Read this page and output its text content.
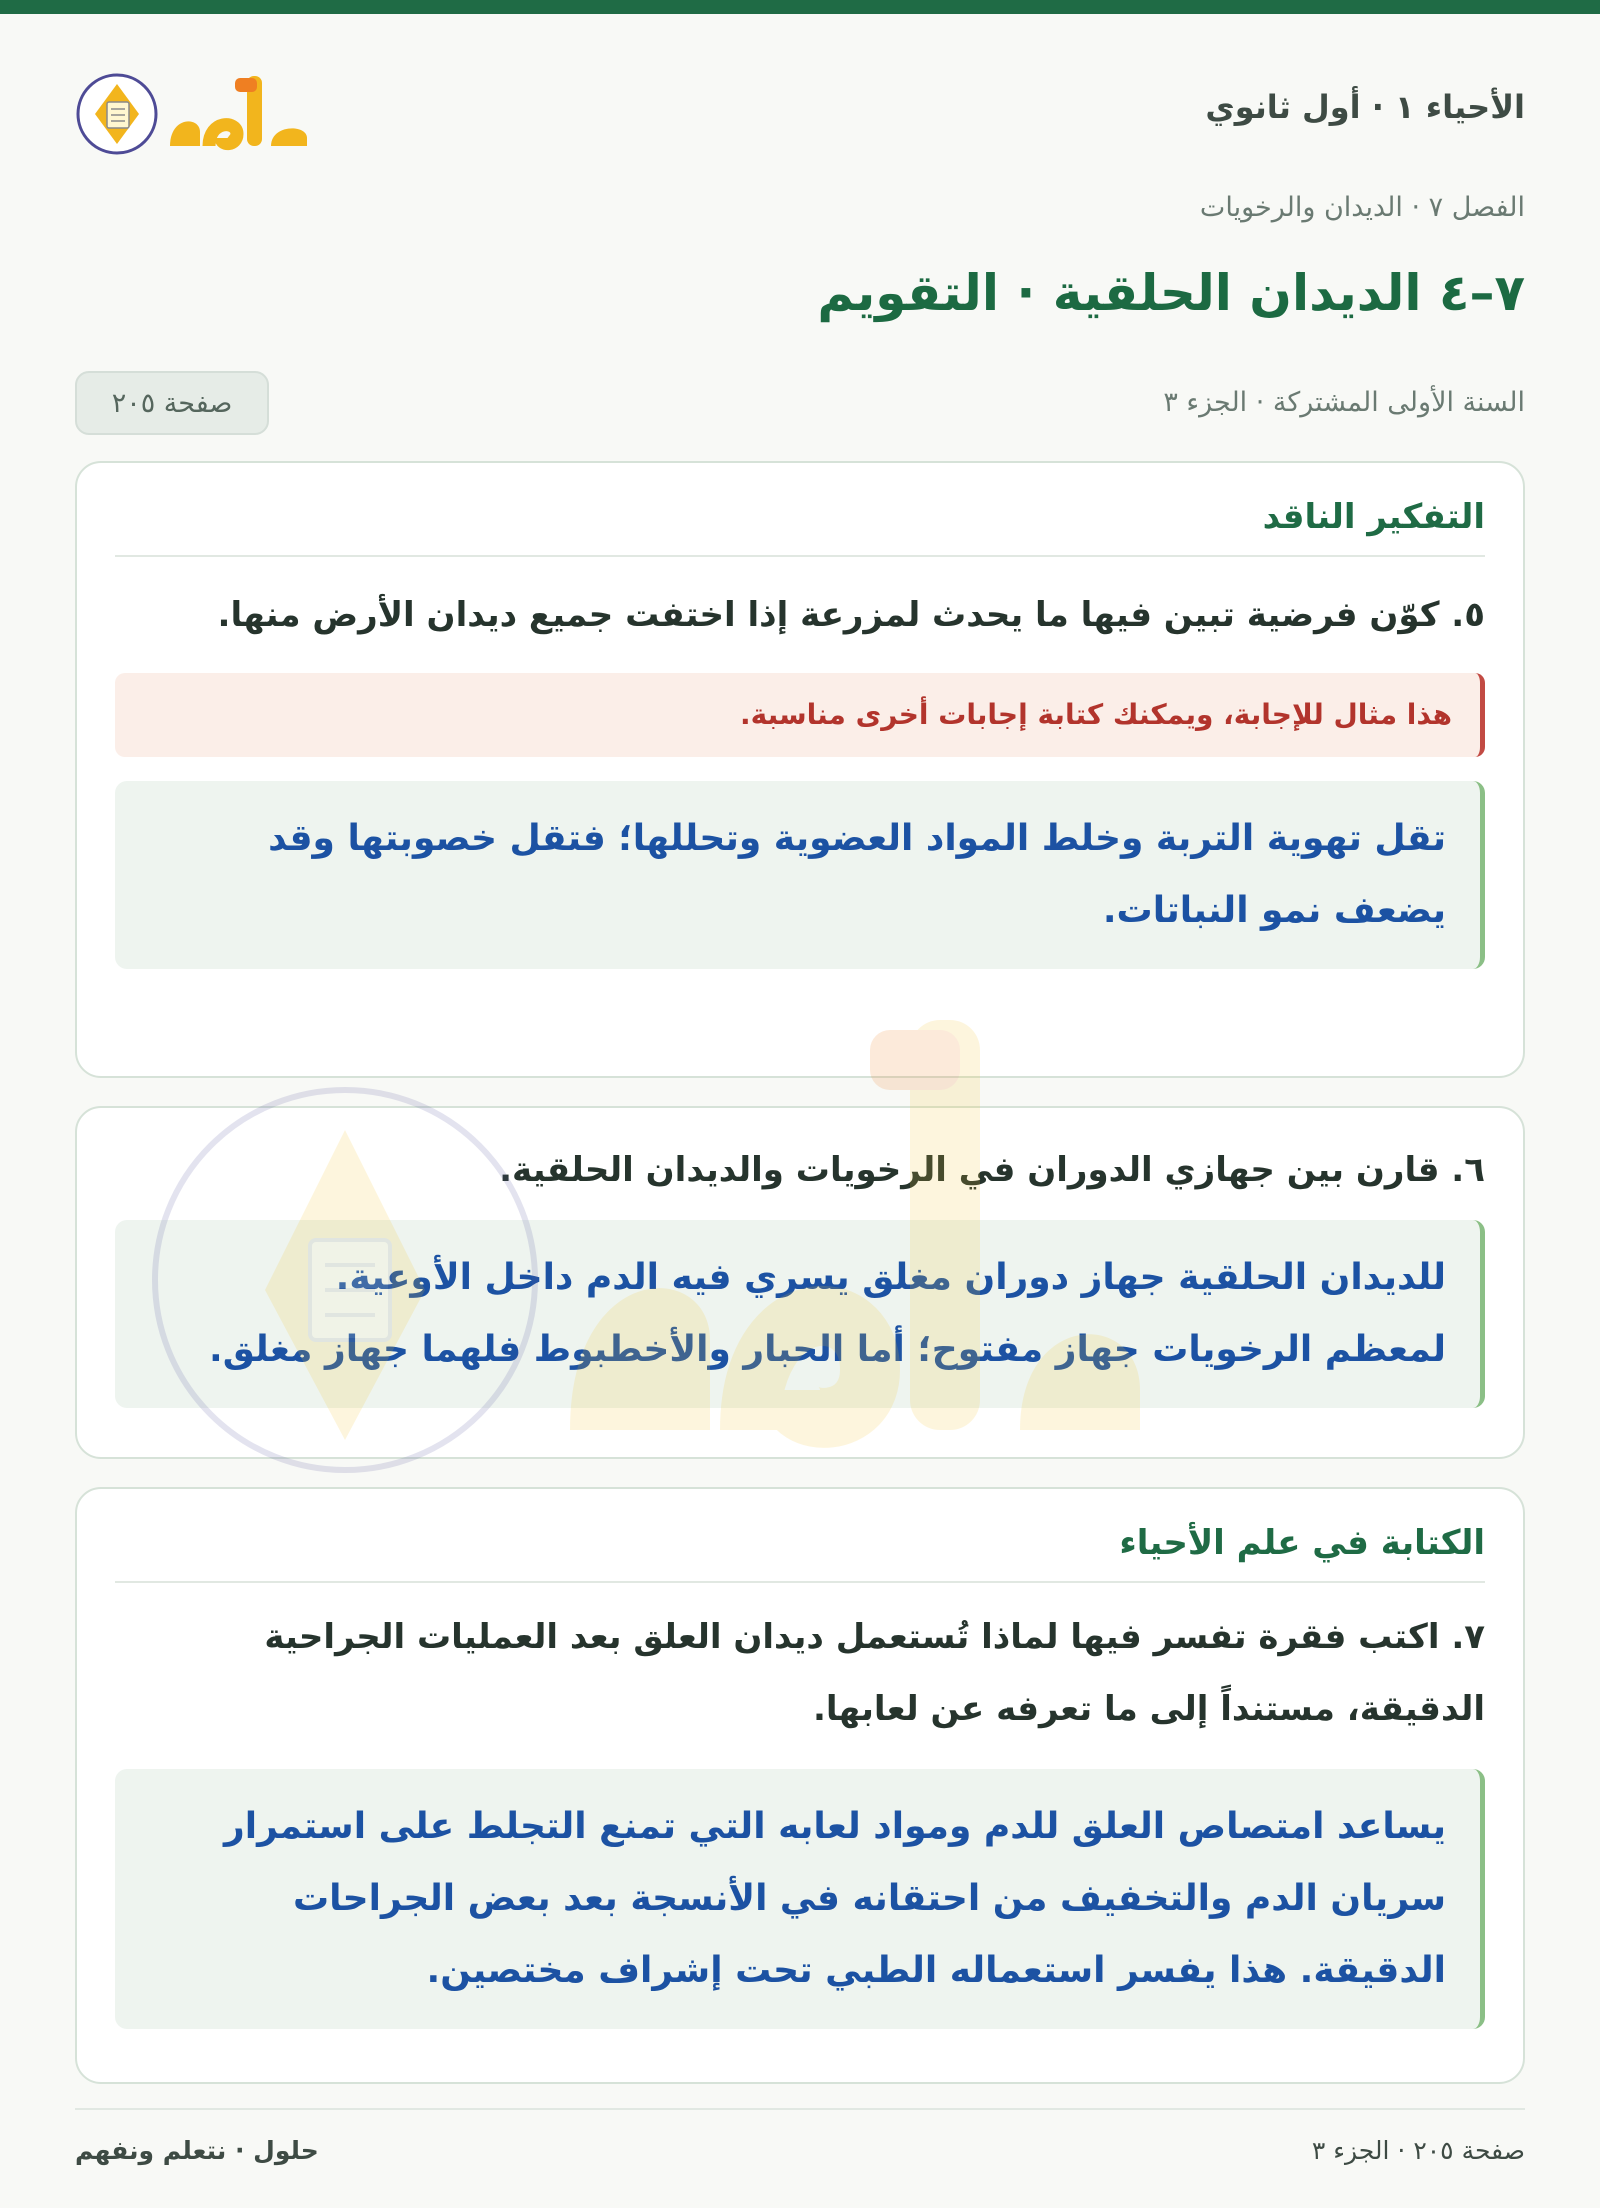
الأحياء ١ · أول ثانوي

الفصل ٧ · الديدان والرخويات

٧–٤ الديدان الحلقية · التقويم
السنة الأولى المشتركة · الجزء ٣
صفحة ٢٠٥
التفكير الناقد

٥. كوّن فرضية تبين فيها ما يحدث لمزرعة إذا اختفت جميع ديدان الأرض منها.

هذا مثال للإجابة، ويمكنك كتابة إجابات أخرى مناسبة.

تقل تهوية التربة وخلط المواد العضوية وتحللها؛ فتقل خصوبتها وقد يضعف نمو النباتات.

٦. قارن بين جهازي الدوران في الرخويات والديدان الحلقية.

للديدان الحلقية جهاز دوران مغلق يسري فيه الدم داخل الأوعية.

لمعظم الرخويات جهاز مفتوح؛ أما الحبار والأخطبوط فلهما جهاز مغلق.

الكتابة في علم الأحياء

٧. اكتب فقرة تفسر فيها لماذا تُستعمل ديدان العلق بعد العمليات الجراحية الدقيقة، مستنداً إلى ما تعرفه عن لعابها.

يساعد امتصاص العلق للدم ومواد لعابه التي تمنع التجلط على استمرار سريان الدم والتخفيف من احتقانه في الأنسجة بعد بعض الجراحات الدقيقة. هذا يفسر استعماله الطبي تحت إشراف مختصين.

صفحة ٢٠٥ · الجزء ٣
حلول · نتعلم ونفهم
